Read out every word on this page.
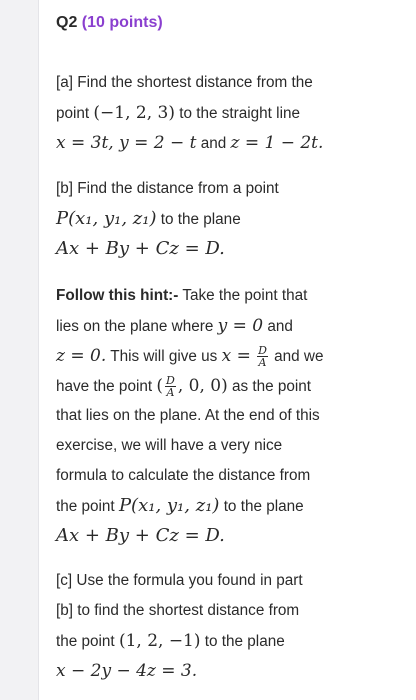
Q2 (10 points)
[a] Find the shortest distance from the
point (−1, 2, 3) to the straight line
x = 3t, y = 2 − t and z = 1 − 2t.
[b] Find the distance from a point
P(x₁, y₁, z₁) to the plane
Ax + By + Cz = D.
Follow this hint:- Take the point that
lies on the plane where y = 0 and
z = 0. This will give us $x = \frac{D}{A}$ and we
have the point ( $\frac{D}{A}$ , 0, 0) as the point
that lies on the plane. At the end of this
exercise, we will have a very nice
formula to calculate the distance from
the point P(x₁, y₁, z₁) to the plane
Ax + By + Cz = D.
[c] Use the formula you found in part
[b] to find the shortest distance from
the point (1, 2, −1) to the plane
x − 2y − 4z = 3.
